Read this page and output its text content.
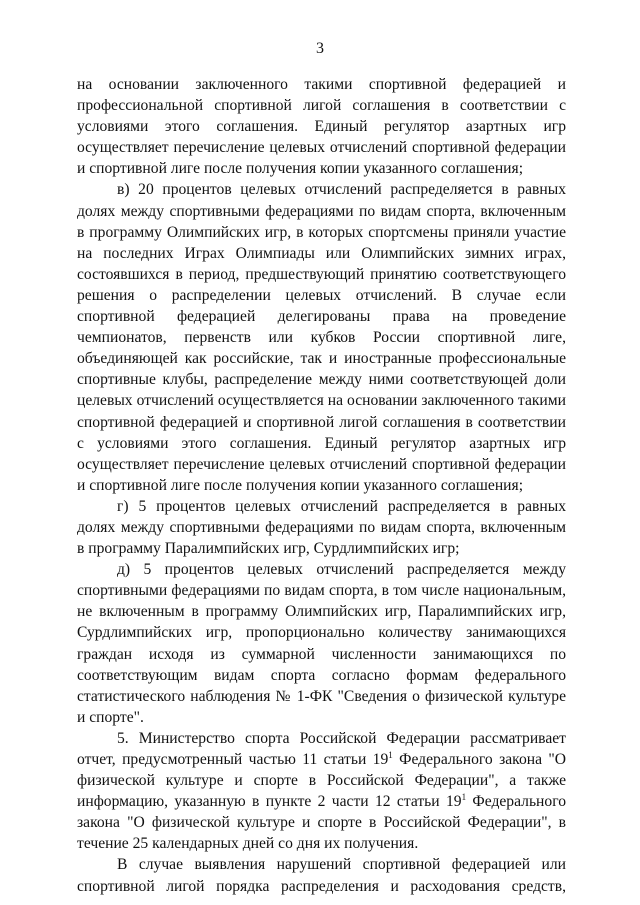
3

на основании заключенного такими спортивной федерацией и профессиональной спортивной лигой соглашения в соответствии с условиями этого соглашения. Единый регулятор азартных игр осуществляет перечисление целевых отчислений спортивной федерации и спортивной лиге после получения копии указанного соглашения;

в) 20 процентов целевых отчислений распределяется в равных долях между спортивными федерациями по видам спорта, включенным в программу Олимпийских игр, в которых спортсмены приняли участие на последних Играх Олимпиады или Олимпийских зимних играх, состоявшихся в период, предшествующий принятию соответствующего решения о распределении целевых отчислений. В случае если спортивной федерацией делегированы права на проведение чемпионатов, первенств или кубков России спортивной лиге, объединяющей как российские, так и иностранные профессиональные спортивные клубы, распределение между ними соответствующей доли целевых отчислений осуществляется на основании заключенного такими спортивной федерацией и спортивной лигой соглашения в соответствии с условиями этого соглашения. Единый регулятор азартных игр осуществляет перечисление целевых отчислений спортивной федерации и спортивной лиге после получения копии указанного соглашения;

г) 5 процентов целевых отчислений распределяется в равных долях между спортивными федерациями по видам спорта, включенным в программу Паралимпийских игр, Сурдлимпийских игр;

д) 5 процентов целевых отчислений распределяется между спортивными федерациями по видам спорта, в том числе национальным, не включенным в программу Олимпийских игр, Паралимпийских игр, Сурдлимпийских игр, пропорционально количеству занимающихся граждан исходя из суммарной численности занимающихся по соответствующим видам спорта согласно формам федерального статистического наблюдения № 1-ФК "Сведения о физической культуре и спорте".

5. Министерство спорта Российской Федерации рассматривает отчет, предусмотренный частью 11 статьи $19^1$ Федерального закона "О физической культуре и спорте в Российской Федерации", а также информацию, указанную в пункте 2 части 12 статьи $19^1$ Федерального закона "О физической культуре и спорте в Российской Федерации", в течение 25 календарных дней со дня их получения.

В случае выявления нарушений спортивной федерацией или спортивной лигой порядка распределения и расходования средств,
